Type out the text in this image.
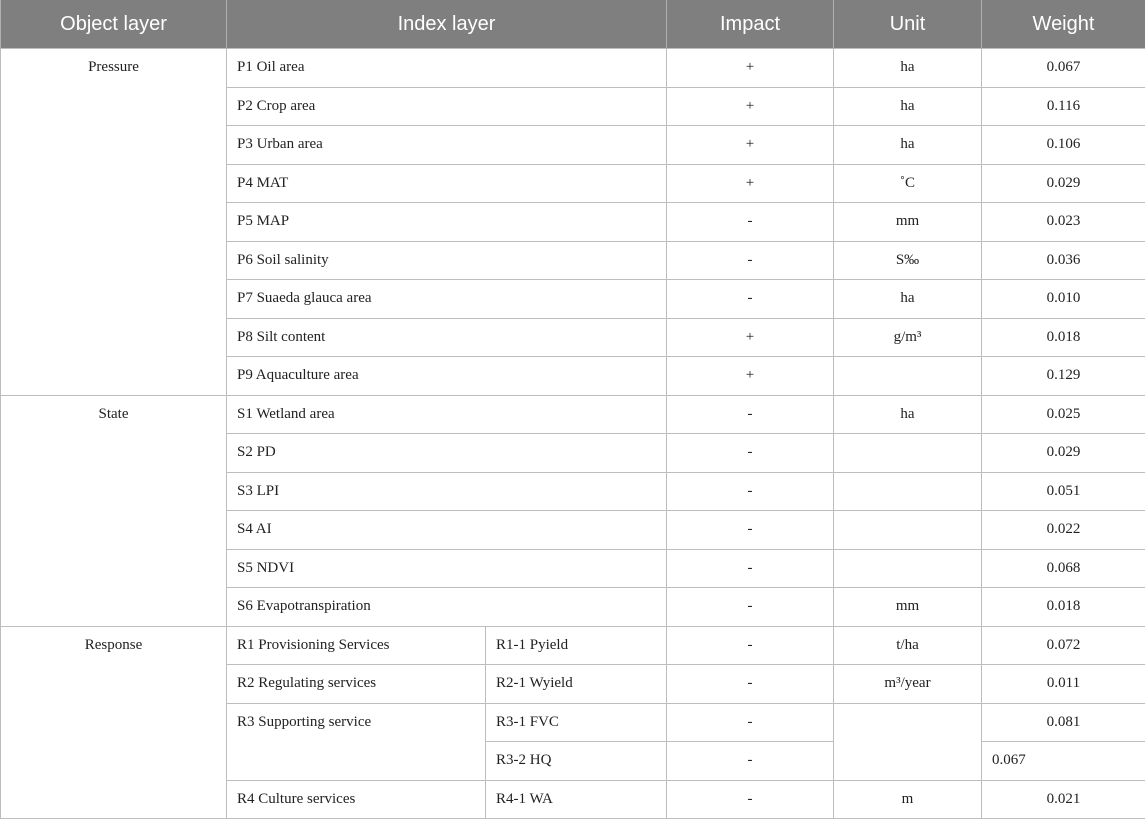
Object layer	Index layer		Impact	Unit	Weight
Pressure	P1 Oil area		+	ha	0.067
	P2 Crop area		+	ha	0.116
	P3 Urban area		+	ha	0.106
	P4 MAT		+	˚C	0.029
	P5 MAP		-	mm	0.023
	P6 Soil salinity		-	S‰	0.036
	P7 Suaeda glauca area		-	ha	0.010
	P8 Silt content		+	g/m³	0.018
	P9 Aquaculture area		+		0.129
State	S1 Wetland area		-	ha	0.025
	S2 PD		-		0.029
	S3 LPI		-		0.051
	S4 AI		-		0.022
	S5 NDVI		-		0.068
	S6 Evapotranspiration		-	mm	0.018
Response	R1 Provisioning Services	R1-1 Pyield	-	t/ha	0.072
	R2 Regulating services	R2-1 Wyield	-	m³/year	0.011
	R3 Supporting service	R3-1 FVC	-		0.081
		R3-2 HQ	-		0.067
	R4 Culture services	R4-1 WA	-	m	0.021
